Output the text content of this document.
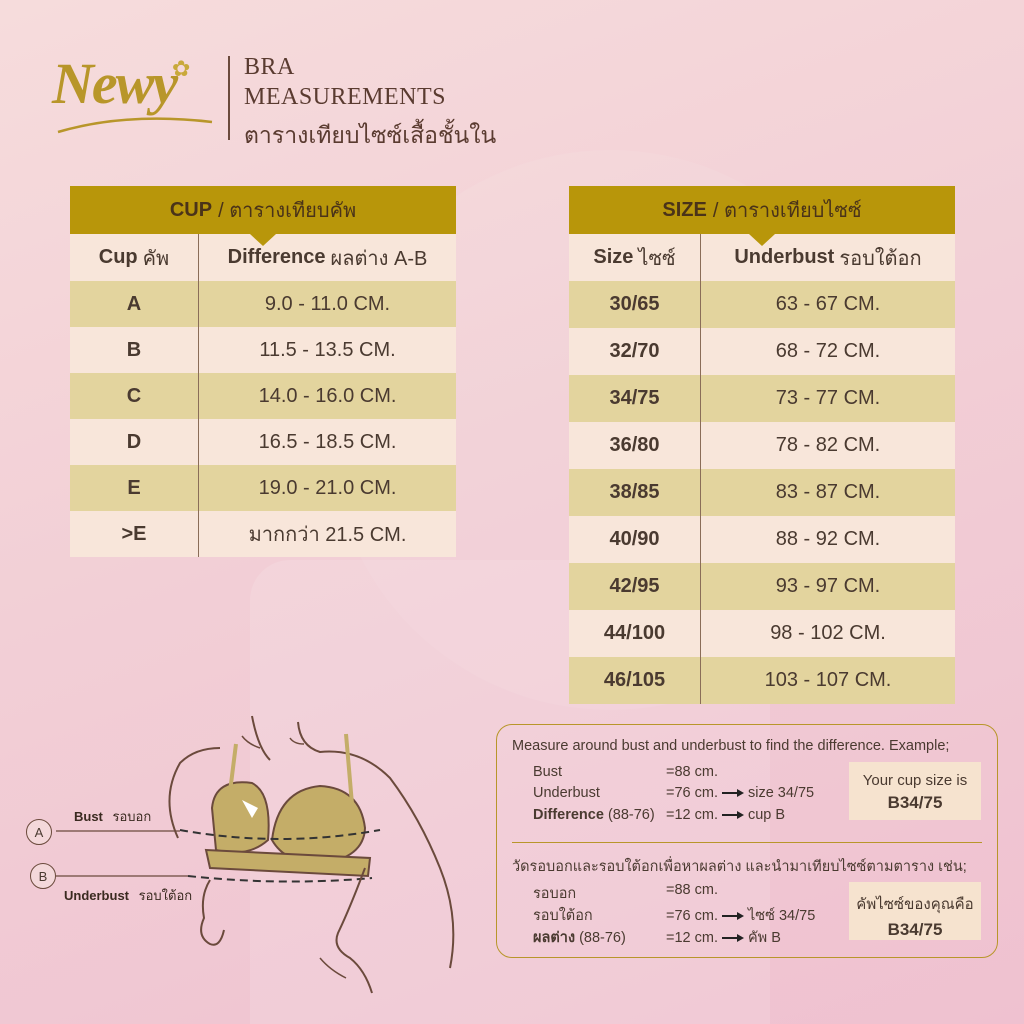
Newy
✿ BRA
MEASUREMENTS
ตารางเทียบไซซ์เสื้อชั้นใน
CUP / ตารางเทียบคัพ
Cup คัพ	Difference ผลต่าง A-B
A	9.0 - 11.0 CM.
B	11.5 - 13.5 CM.
C	14.0 - 16.0 CM.
D	16.5 - 18.5 CM.
E	19.0 - 21.0 CM.
>E	มากกว่า 21.5 CM.
SIZE / ตารางเทียบไซซ์
Size ไซซ์	Underbust รอบใต้อก
30/65	63 - 67 CM.
32/70	68 - 72 CM.
34/75	73 - 77 CM.
36/80	78 - 82 CM.
38/85	83 - 87 CM.
40/90	88 - 92 CM.
42/95	93 - 97 CM.
44/100	98 - 102 CM.
46/105	103 - 107 CM.
A
B
Bust รอบอก
Underbust รอบใต้อก
Measure around bust and underbust to find the difference. Example;
Bust	=88 cm.
Underbust	=76 cm. size 34/75
Difference (88-76) =12 cm. cup B
Your cup size is
B34/75
วัดรอบอกและรอบใต้อกเพื่อหาผลต่าง และนำมาเทียบไซซ์ตามตาราง เช่น;
รอบอก	=88 cm.
รอบใต้อก	=76 cm. ไซซ์ 34/75
ผลต่าง (88-76)	=12 cm. คัพ B
คัพไซซ์ของคุณคือ
B34/75
